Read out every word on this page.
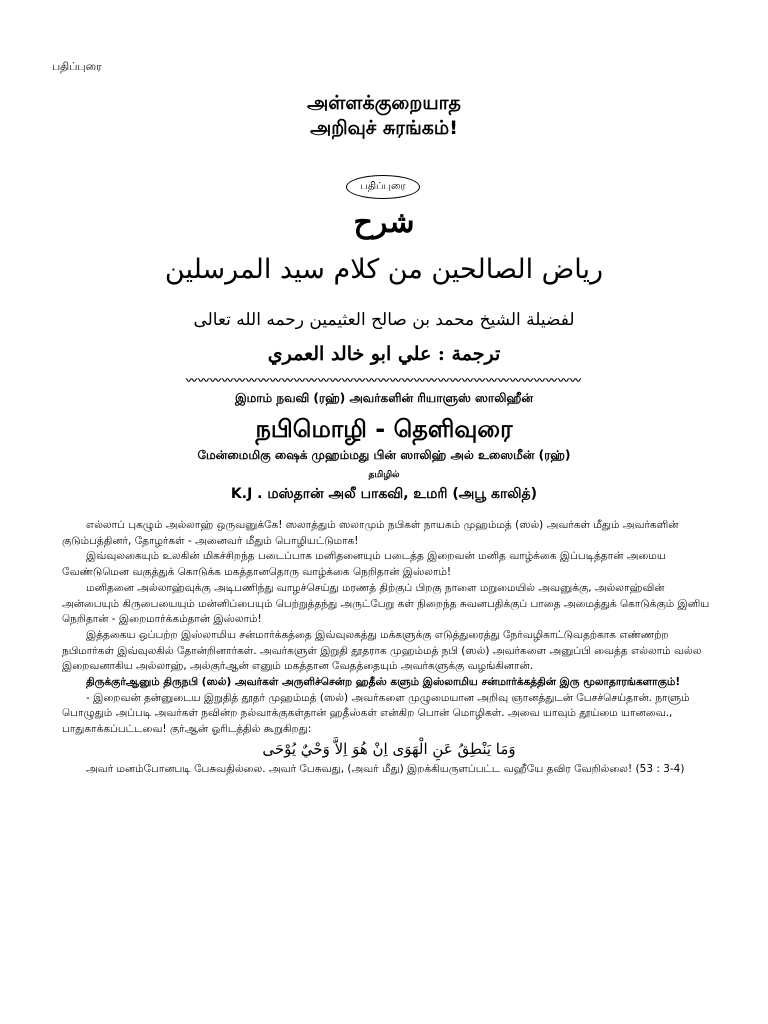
பதிப்புரை
அள்ளக்குறையாத
அறிவுச் சுரங்கம்!
பதிப்புரை
شرح
رياض الصالحين من كلام سيد المرسلين
لفضيلة الشيخ محمد بن صالح العثيمين رحمه الله تعالى
ترجمة : علي ابو خالد العمري
〰〰〰〰〰〰〰〰〰〰〰〰〰〰〰〰〰〰〰〰〰〰〰〰〰〰〰〰〰〰〰〰〰
இமாம் நவவி (ரஹ்) அவர்களின் ரியாளுஸ் ஸாலிஹீன்
நபிமொழி - தெளிவுரை
மேன்மைமிகு ஷைக் முஹம்மது பின் ஸாலிஹ் அல் உஸைமீன் (ரஹ்)
தமிழில்
K.J . மஸ்தான் அலீ பாகவி, உமரி (அபூ காலித்)

எல்லாப் புகழும் அல்லாஹ் ஒருவனுக்கே! ஸலாத்தும் ஸலாமும் நபிகள் நாயகம் முஹம்மத் (ஸல்) அவர்கள் மீதும் அவர்களின் குடும்பத்தினர், தோழர்கள் - அனைவர் மீதும் பொழியட்டுமாக!

இவ்வுலகையும் உலகின் மிகச்சிறந்த படைப்பாக மனிதனையும் படைத்த இறைவன் மனித வாழ்க்கை இப்படித்தான் அமைய வேண்டுமென வகுத்துக் கொடுக்க மகத்தானதொரு வாழ்க்கை நெறிதான் இஸ்லாம்!

மனிதனை அல்லாஹ்வுக்கு அடிபணிந்து வாழச்செய்து மரணத் திற்குப் பிறகு நாளை மறுமையில் அவனுக்கு, அல்லாஹ்வின் அன்பையும் கிருபையையும் மன்னிப்பையும் பெற்றுத்தந்து அருட்பேறு கள் நிறைந்த சுவனபதிக்குப் பாதை அமைத்துக் கொடுக்கும் இனிய நெறிதான் - இறைமார்க்கம்தான் இஸ்லாம்!

இத்தகைய ஒப்பற்ற இஸ்லாமிய சன்மார்க்கத்தை இவ்வுலகத்து மக்களுக்கு எடுத்துரைத்து நேர்வழிகாட்டுவதற்காக எண்ணற்ற நபிமார்கள் இவ்வுலகில் தோன்றினார்கள். அவர்களுள் இறுதி தூதராக முஹம்மத் நபி (ஸல்) அவர்களை அனுப்பி வைத்த எல்லாம் வல்ல இறைவனாகிய அல்லாஹ், அல்குர்ஆன் எனும் மகத்தான வேதத்தையும் அவர்களுக்கு வழங்கினான்.

திருக்குர்ஆனும் திருநபி (ஸல்) அவர்கள் அருளிச்சென்ற ஹதீஸ் களும் இஸ்லாமிய சன்மார்க்கத்தின் இரு மூலாதாரங்களாகும்!

- இறைவன் தன்னுடைய இறுதித் தூதர் முஹம்மத் (ஸல்) அவர்களை முழுமையான அறிவு ஞானத்துடன் பேசச்செய்தான். நாளும் பொழுதும் அப்படி அவர்கள் நவின்ற நல்வாக்குகள்தான் ஹதீஸ்கள் என்கிற பொன் மொழிகள். அவை யாவும் தூய்மை யானவை., பாதுகாக்கப்பட்டவை! குர்ஆன் ஓரிடத்தில் கூறுகிறது:

وَمَا يَنْطِقُ عَنِ الْهَوَى اِنْ هُوَ اِلاَّ وَحْيٌ يُوْحَى

அவர் மனம்போனபடி பேசுவதில்லை. அவர் பேசுவது, (அவர் மீது) இறக்கியருளப்பட்ட வஹீயே தவிர வேறில்லை! (53 : 3-4)
